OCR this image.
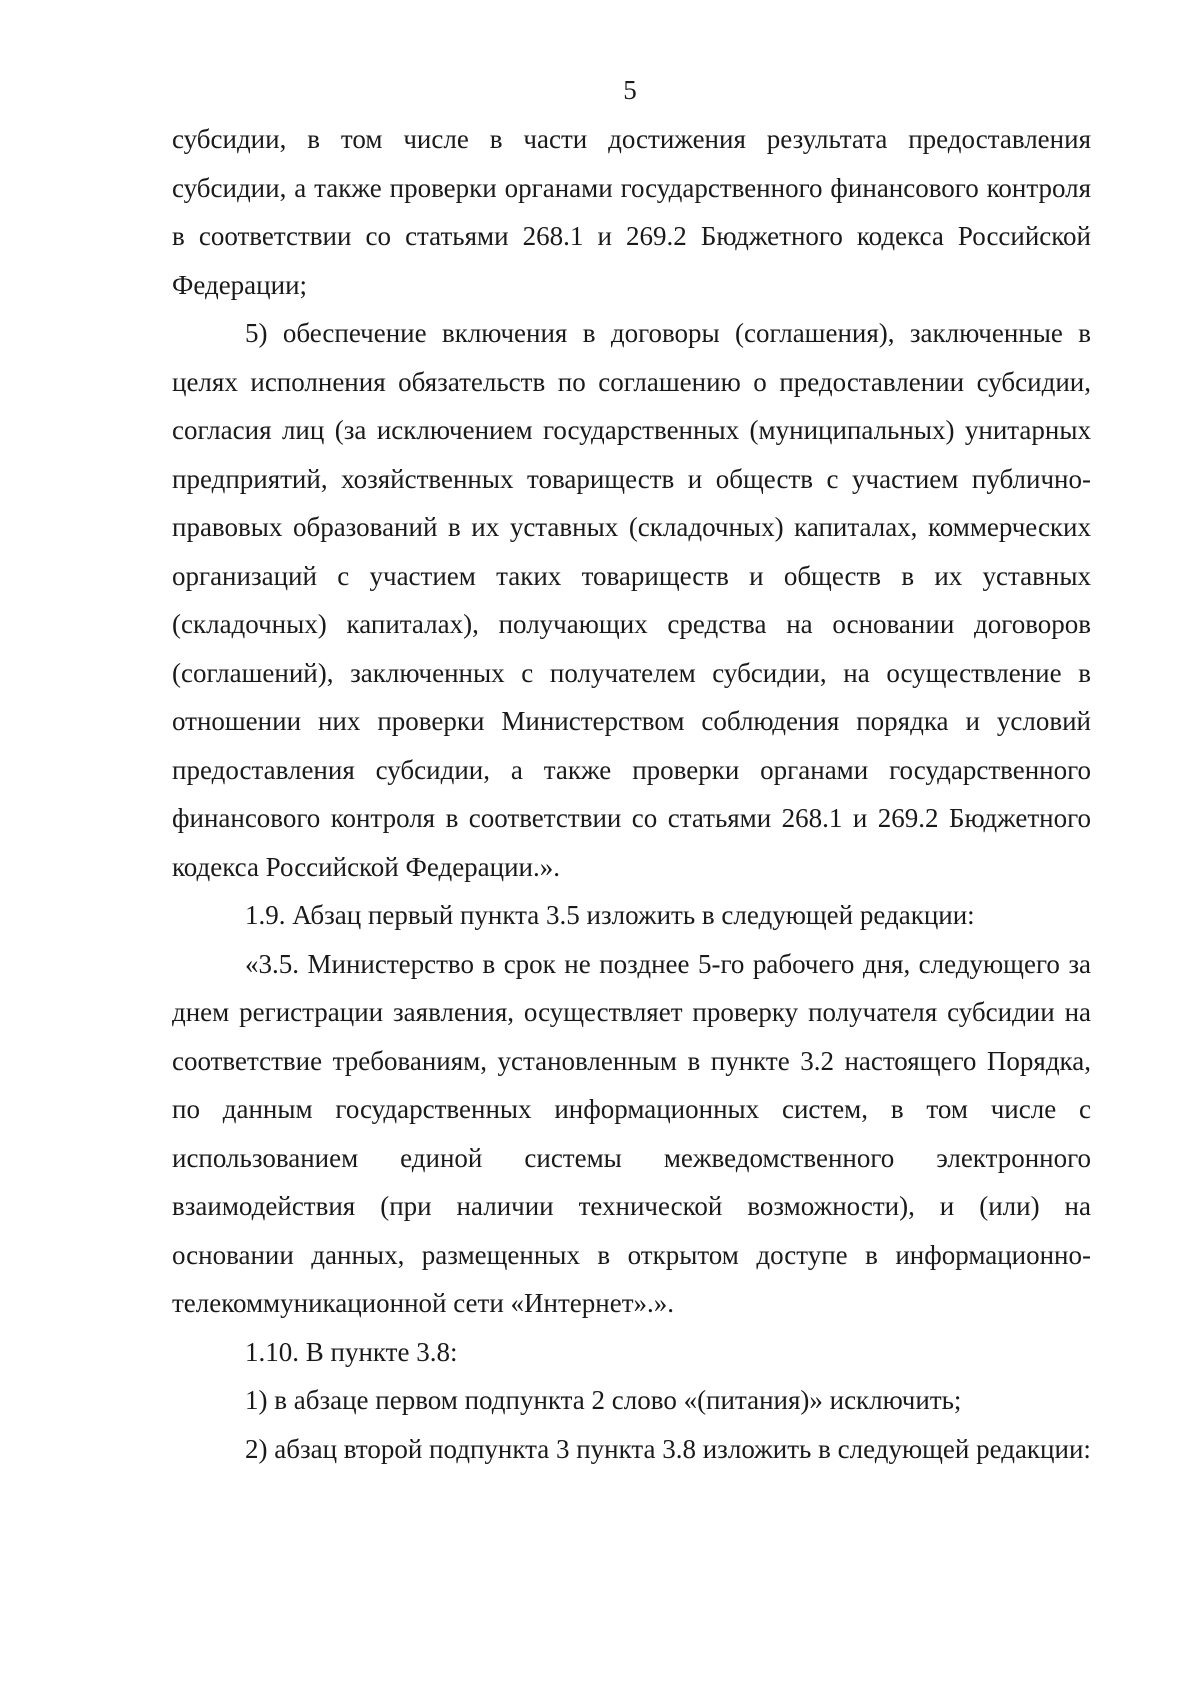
5

субсидии, в том числе в части достижения результата предоставления субсидии, а также проверки органами государственного финансового контроля в соответствии со статьями 268.1 и 269.2 Бюджетного кодекса Российской Федерации;

5) обеспечение включения в договоры (соглашения), заключенные в целях исполнения обязательств по соглашению о предоставлении субсидии, согласия лиц (за исключением государственных (муниципальных) унитарных предприятий, хозяйственных товариществ и обществ с участием публично-правовых образований в их уставных (складочных) капиталах, коммерческих организаций с участием таких товариществ и обществ в их уставных (складочных) капиталах), получающих средства на основании договоров (соглашений), заключенных с получателем субсидии, на осуществление в отношении них проверки Министерством соблюдения порядка и условий предоставления субсидии, а также проверки органами государственного финансового контроля в соответствии со статьями 268.1 и 269.2 Бюджетного кодекса Российской Федерации.».

1.9. Абзац первый пункта 3.5 изложить в следующей редакции:

«3.5. Министерство в срок не позднее 5-го рабочего дня, следующего за днем регистрации заявления, осуществляет проверку получателя субсидии на соответствие требованиям, установленным в пункте 3.2 настоящего Порядка, по данным государственных информационных систем, в том числе с использованием единой системы межведомственного электронного взаимодействия (при наличии технической возможности), и (или) на основании данных, размещенных в открытом доступе в информационно-телекоммуникационной сети «Интернет».».

1.10. В пункте 3.8:

1) в абзаце первом подпункта 2 слово «(питания)» исключить;

2) абзац второй подпункта 3 пункта 3.8 изложить в следующей редакции:
